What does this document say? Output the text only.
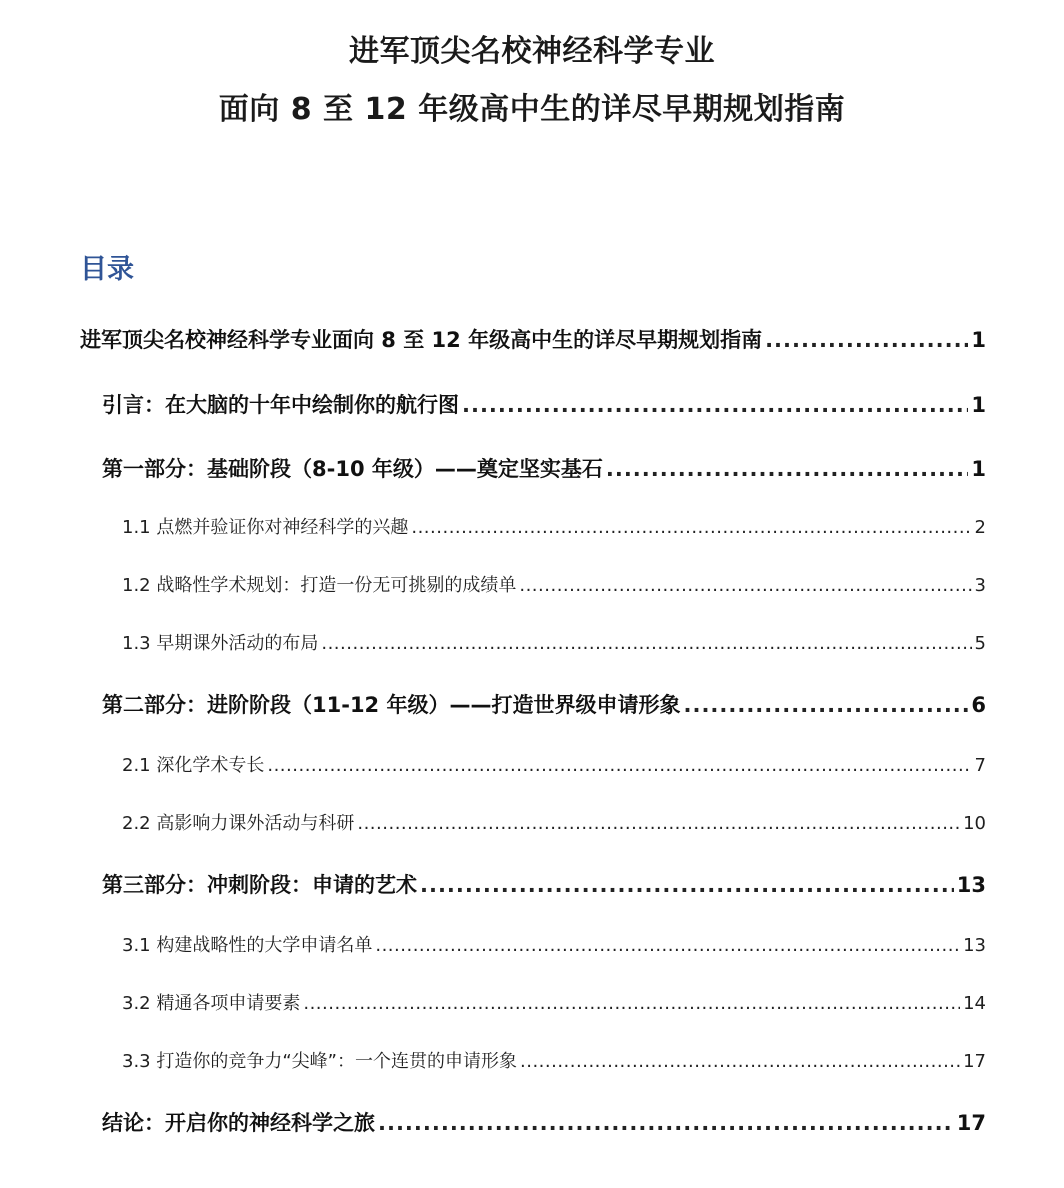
进军顶尖名校神经科学专业
面向 8 至 12 年级高中生的详尽早期规划指南
目录
进军顶尖名校神经科学专业面向 8 至 12 年级高中生的详尽早期规划指南 .....	1
引言：在大脑的十年中绘制你的航行图 .....	1
第一部分：基础阶段（8-10 年级）——奠定坚实基石 .....	1
1.1 点燃并验证你对神经科学的兴趣 .....	2
1.2 战略性学术规划：打造一份无可挑剔的成绩单 .....	3
1.3 早期课外活动的布局 .....	5
第二部分：进阶阶段（11-12 年级）——打造世界级申请形象 .....	6
2.1 深化学术专长 .....	7
2.2 高影响力课外活动与科研 .....	10
第三部分：冲刺阶段：申请的艺术 .....	13
3.1 构建战略性的大学申请名单 .....	13
3.2 精通各项申请要素 .....	14
3.3 打造你的竞争力“尖峰”：一个连贯的申请形象 .....	17
结论：开启你的神经科学之旅 .....	17
